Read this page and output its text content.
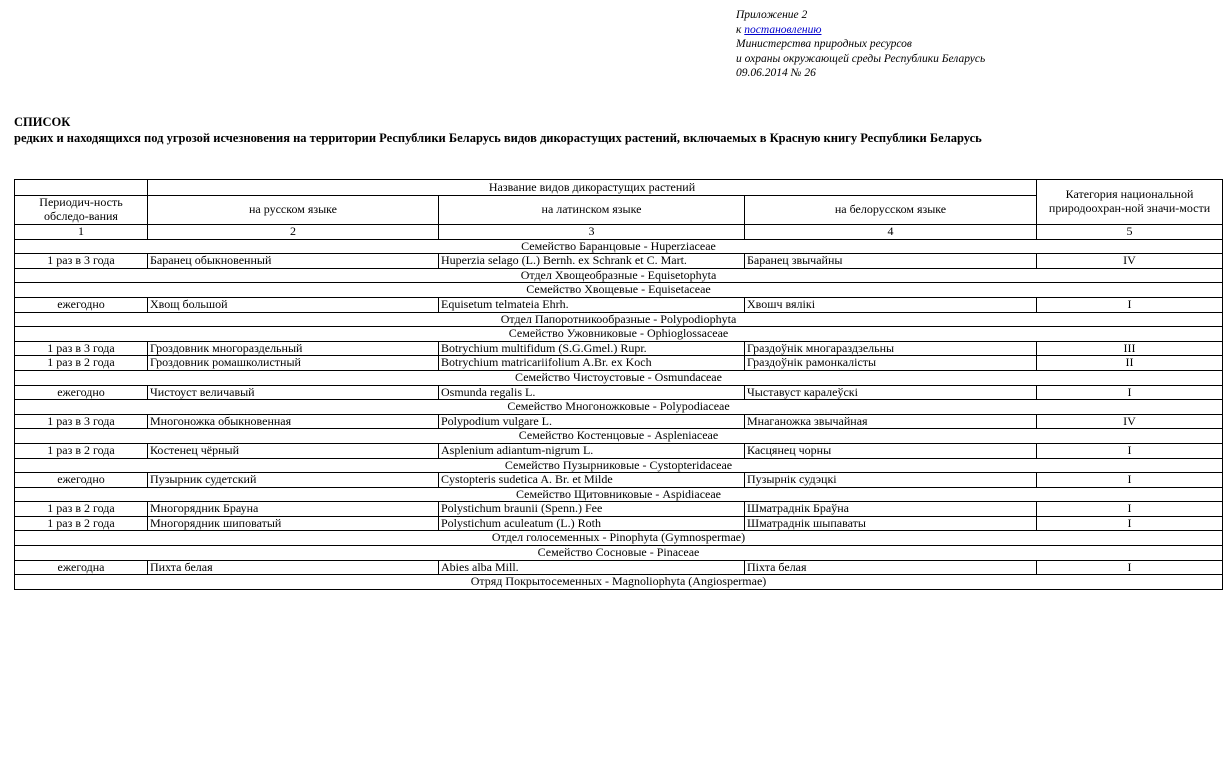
Приложение 2
к постановлению
Министерства природных ресурсов
и охраны окружающей среды Республики Беларусь
09.06.2014 № 26
СПИСОК
редких и находящихся под угрозой исчезновения на территории Республики Беларусь видов дикорастущих растений, включаемых в Красную книгу Республики Беларусь
	Название видов дикорастущих растений			Категория национальной природоохран-ной значи-мости
Периодич-ность обследо-вания	на русском языке	на латинском языке	на белорусском языке	
1	2	3	4	5
Семейство Баранцовые - Huperziaceae				
1 раз в 3 года	Баранец обыкновенный	Huperzia selago (L.) Bernh. ex Schrank et C. Mart.	Баранец звычайны	IV
Отдел Хвощеобразные - Equisetophyta				
Семейство Хвощевые - Equisetaceae				
ежегодно	Хвощ большой	Equisetum telmateia Ehrh.	Хвошч вялікі	I
Отдел Папоротникообразные - Polypodiophyta				
Семейство Ужовниковые - Ophioglossaceae				
1 раз в 3 года	Гроздовник многораздельный	Botrychium multifidum (S.G.Gmel.) Rupr.	Граздоўнік многараздзельны	III
1 раз в 2 года	Гроздовник ромашколистный	Botrychium matricariifolium A.Br. ex Koch	Граздоўнік рамонкалісты	II
Семейство Чистоустовые - Osmundaceae				
ежегодно	Чистоуст величавый	Osmunda regalis L.	Чыставуст каралеўскі	I
Семейство Многоножковые - Polypodiaceae				
1 раз в 3 года	Многоножка обыкновенная	Polypodium vulgare L.	Мнаганожка звычайная	IV
Семейство Костенцовые - Aspleniaceae				
1 раз в 2 года	Костенец чёрный	Asplenium adiantum-nigrum L.	Касцянец чорны	I
Семейство Пузырниковые - Cystopteridaceae				
ежегодно	Пузырник судетский	Cystopteris sudetica A. Br. et Milde	Пузырнік судэцкі	I
Семейство Щитовниковые - Aspidiaceae				
1 раз в 2 года	Многорядник Брауна	Polystichum braunii (Spenn.) Fee	Шматраднік Браўна	I
1 раз в 2 года	Многорядник шиповатый	Polystichum aculeatum (L.) Roth	Шматраднік шыпаваты	I
Отдел голосеменных - Pinophyta (Gymnospermae)				
Семейство Сосновые - Pinaceae				
ежегодна	Пихта белая	Abies alba Mill.	Піхта белая	I
Отряд Покрытосеменных - Magnoliophyta (Angiospermae)				
